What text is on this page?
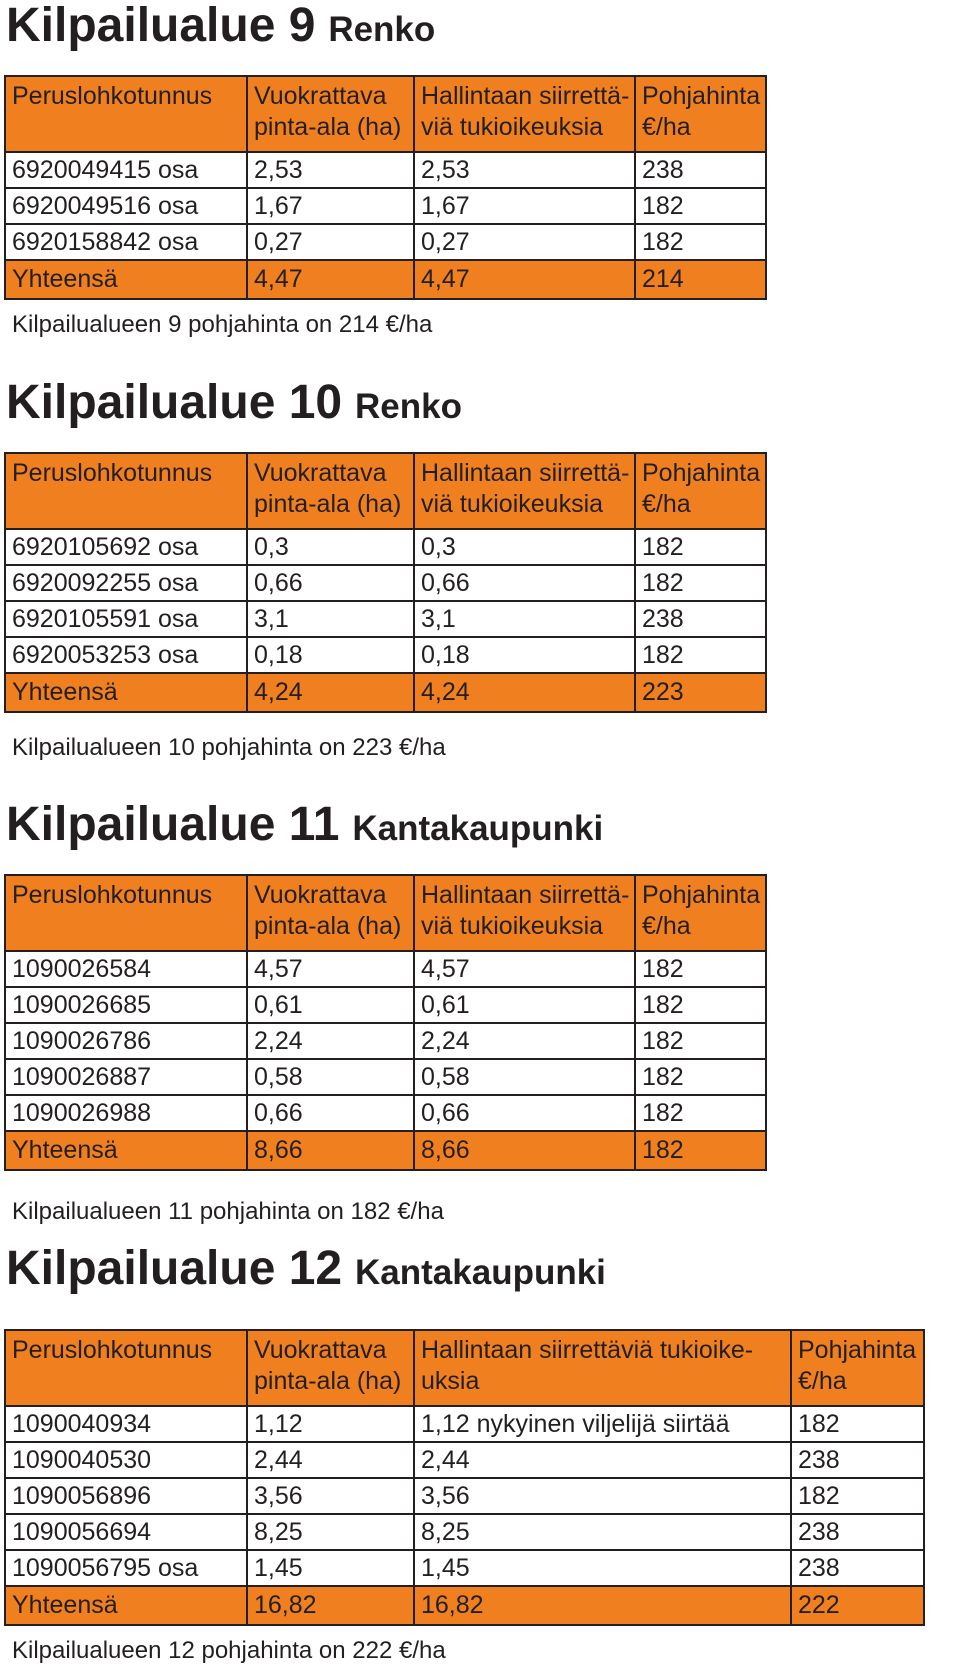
Kilpailualue 9 Renko
Peruslohkotunnus	Vuokrattava pinta-ala (ha)	Hallintaan siirrettä-viä tukioikeuksia	Pohjahinta €/ha
6920049415 osa	2,53	2,53	238
6920049516 osa	1,67	1,67	182
6920158842 osa	0,27	0,27	182
Yhteensä	4,47	4,47	214
Kilpailualueen 9 pohjahinta on 214 €/ha
Kilpailualue 10 Renko
Peruslohkotunnus	Vuokrattava pinta-ala (ha)	Hallintaan siirrettä-viä tukioikeuksia	Pohjahinta €/ha
6920105692 osa	0,3	0,3	182
6920092255 osa	0,66	0,66	182
6920105591 osa	3,1	3,1	238
6920053253 osa	0,18	0,18	182
Yhteensä	4,24	4,24	223
Kilpailualueen 10 pohjahinta on 223 €/ha
Kilpailualue 11 Kantakaupunki
Peruslohkotunnus	Vuokrattava pinta-ala (ha)	Hallintaan siirrettä-viä tukioikeuksia	Pohjahinta €/ha
1090026584	4,57	4,57	182
1090026685	0,61	0,61	182
1090026786	2,24	2,24	182
1090026887	0,58	0,58	182
1090026988	0,66	0,66	182
Yhteensä	8,66	8,66	182
Kilpailualueen 11 pohjahinta on 182 €/ha
Kilpailualue 12 Kantakaupunki
Peruslohkotunnus	Vuokrattava pinta-ala (ha)	Hallintaan siirrettäviä tukioike-uksia	Pohjahinta €/ha
1090040934	1,12	1,12 nykyinen viljelijä siirtää	182
1090040530	2,44	2,44	238
1090056896	3,56	3,56	182
1090056694	8,25	8,25	238
1090056795 osa	1,45	1,45	238
Yhteensä	16,82	16,82	222
Kilpailualueen 12 pohjahinta on 222 €/ha
